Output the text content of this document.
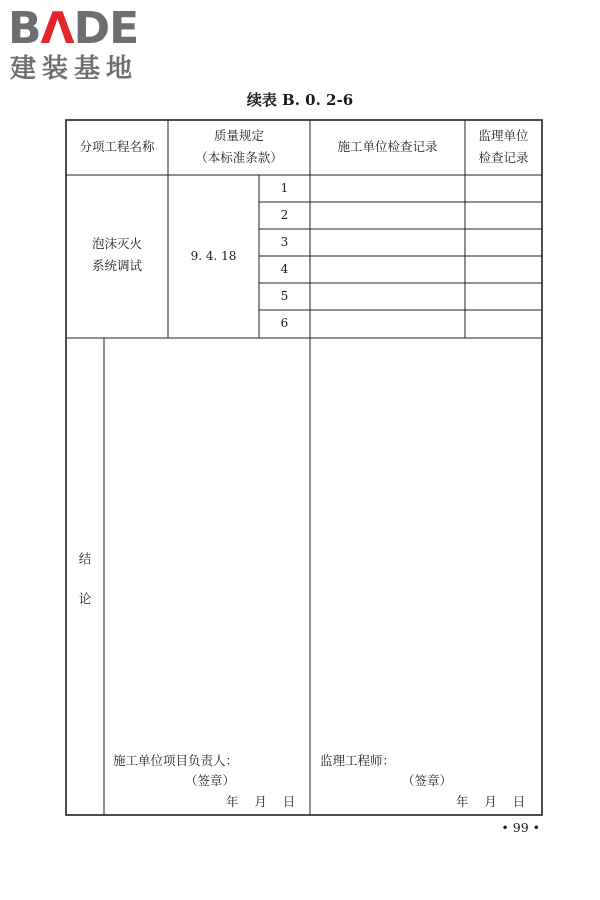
BΛDE
建装基地
续表 B. 0. 2-6
分项工程名称
质量规定
（本标准条款）
施工单位检查记录
监理单位
检查记录
泡沫灭火
系统调试
9. 4. 18
1
2
3
4
5
6
结
论
施工单位项目负责人：
（签章）
年    月    日
监理工程师：
（签章）
年    月    日
• 99 •
